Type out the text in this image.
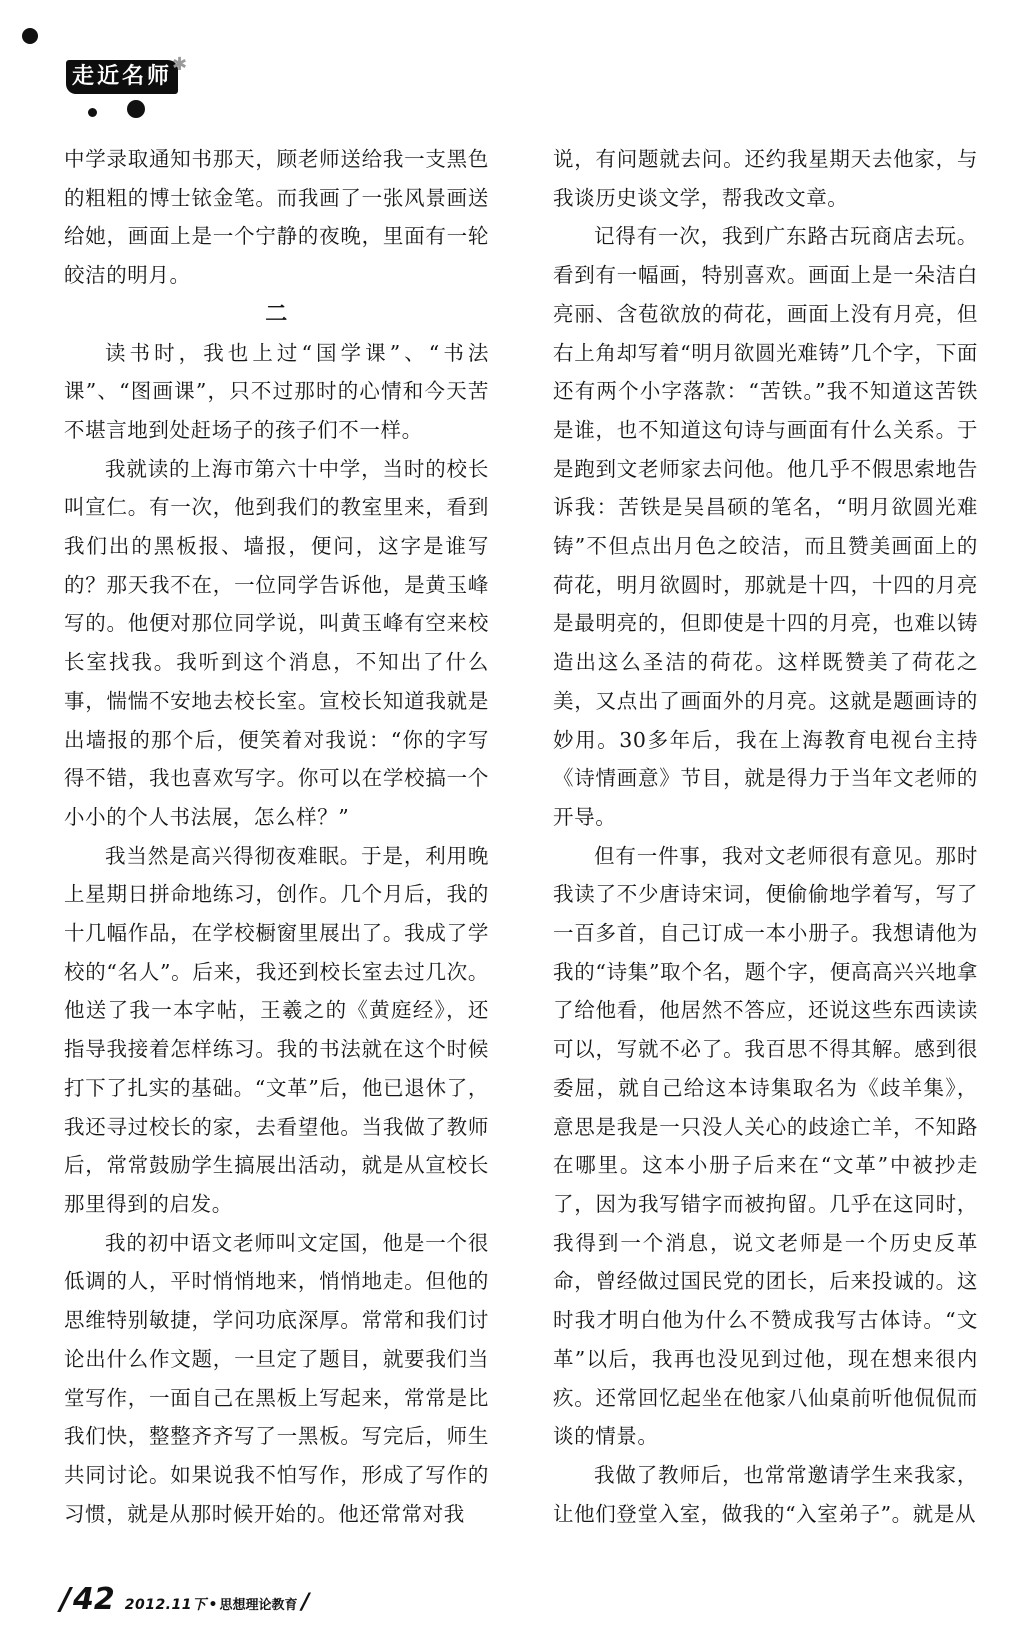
走近名师 ✱

中学录取通知书那天，顾老师送给我一支黑色的粗粗的博士铱金笔。而我画了一张风景画送给她，画面上是一个宁静的夜晚，里面有一轮皎洁的明月。

二

读书时，我也上过“国学课”、“书法课”、“图画课”，只不过那时的心情和今天苦不堪言地到处赶场子的孩子们不一样。

我就读的上海市第六十中学，当时的校长叫宣仁。有一次，他到我们的教室里来，看到我们出的黑板报、墙报，便问，这字是谁写的？那天我不在，一位同学告诉他，是黄玉峰写的。他便对那位同学说，叫黄玉峰有空来校长室找我。我听到这个消息，不知出了什么事，惴惴不安地去校长室。宣校长知道我就是出墙报的那个后，便笑着对我说：“你的字写得不错，我也喜欢写字。你可以在学校搞一个小小的个人书法展，怎么样？”

我当然是高兴得彻夜难眠。于是，利用晚上星期日拼命地练习，创作。几个月后，我的十几幅作品，在学校橱窗里展出了。我成了学校的“名人”。后来，我还到校长室去过几次。他送了我一本字帖，王羲之的《黄庭经》，还指导我接着怎样练习。我的书法就在这个时候打下了扎实的基础。“文革”后，他已退休了，我还寻过校长的家，去看望他。当我做了教师后，常常鼓励学生搞展出活动，就是从宣校长那里得到的启发。

我的初中语文老师叫文定国，他是一个很低调的人，平时悄悄地来，悄悄地走。但他的思维特别敏捷，学问功底深厚。常常和我们讨论出什么作文题，一旦定了题目，就要我们当堂写作，一面自己在黑板上写起来，常常是比我们快，整整齐齐写了一黑板。写完后，师生共同讨论。如果说我不怕写作，形成了写作的习惯，就是从那时候开始的。他还常常对我

说，有问题就去问。还约我星期天去他家，与我谈历史谈文学，帮我改文章。

记得有一次，我到广东路古玩商店去玩。看到有一幅画，特别喜欢。画面上是一朵洁白亮丽、含苞欲放的荷花，画面上没有月亮，但右上角却写着“明月欲圆光难铸”几个字，下面还有两个小字落款：“苦铁。”我不知道这苦铁是谁，也不知道这句诗与画面有什么关系。于是跑到文老师家去问他。他几乎不假思索地告诉我：苦铁是吴昌硕的笔名，“明月欲圆光难铸”不但点出月色之皎洁，而且赞美画面上的荷花，明月欲圆时，那就是十四，十四的月亮是最明亮的，但即使是十四的月亮，也难以铸造出这么圣洁的荷花。这样既赞美了荷花之美，又点出了画面外的月亮。这就是题画诗的妙用。30多年后，我在上海教育电视台主持《诗情画意》节目，就是得力于当年文老师的开导。

但有一件事，我对文老师很有意见。那时我读了不少唐诗宋词，便偷偷地学着写，写了一百多首，自己订成一本小册子。我想请他为我的“诗集”取个名，题个字，便高高兴兴地拿了给他看，他居然不答应，还说这些东西读读可以，写就不必了。我百思不得其解。感到很委屈，就自己给这本诗集取名为《歧羊集》，意思是我是一只没人关心的歧途亡羊，不知路在哪里。这本小册子后来在“文革”中被抄走了，因为我写错字而被拘留。几乎在这同时，我得到一个消息，说文老师是一个历史反革命，曾经做过国民党的团长，后来投诚的。这时我才明白他为什么不赞成我写古体诗。“文革”以后，我再也没见到过他，现在想来很内疚。还常回忆起坐在他家八仙桌前听他侃侃而谈的情景。

我做了教师后，也常常邀请学生来我家，让他们登堂入室，做我的“入室弟子”。就是从

/ 42 2012.11下 • 思想理论教育 /
